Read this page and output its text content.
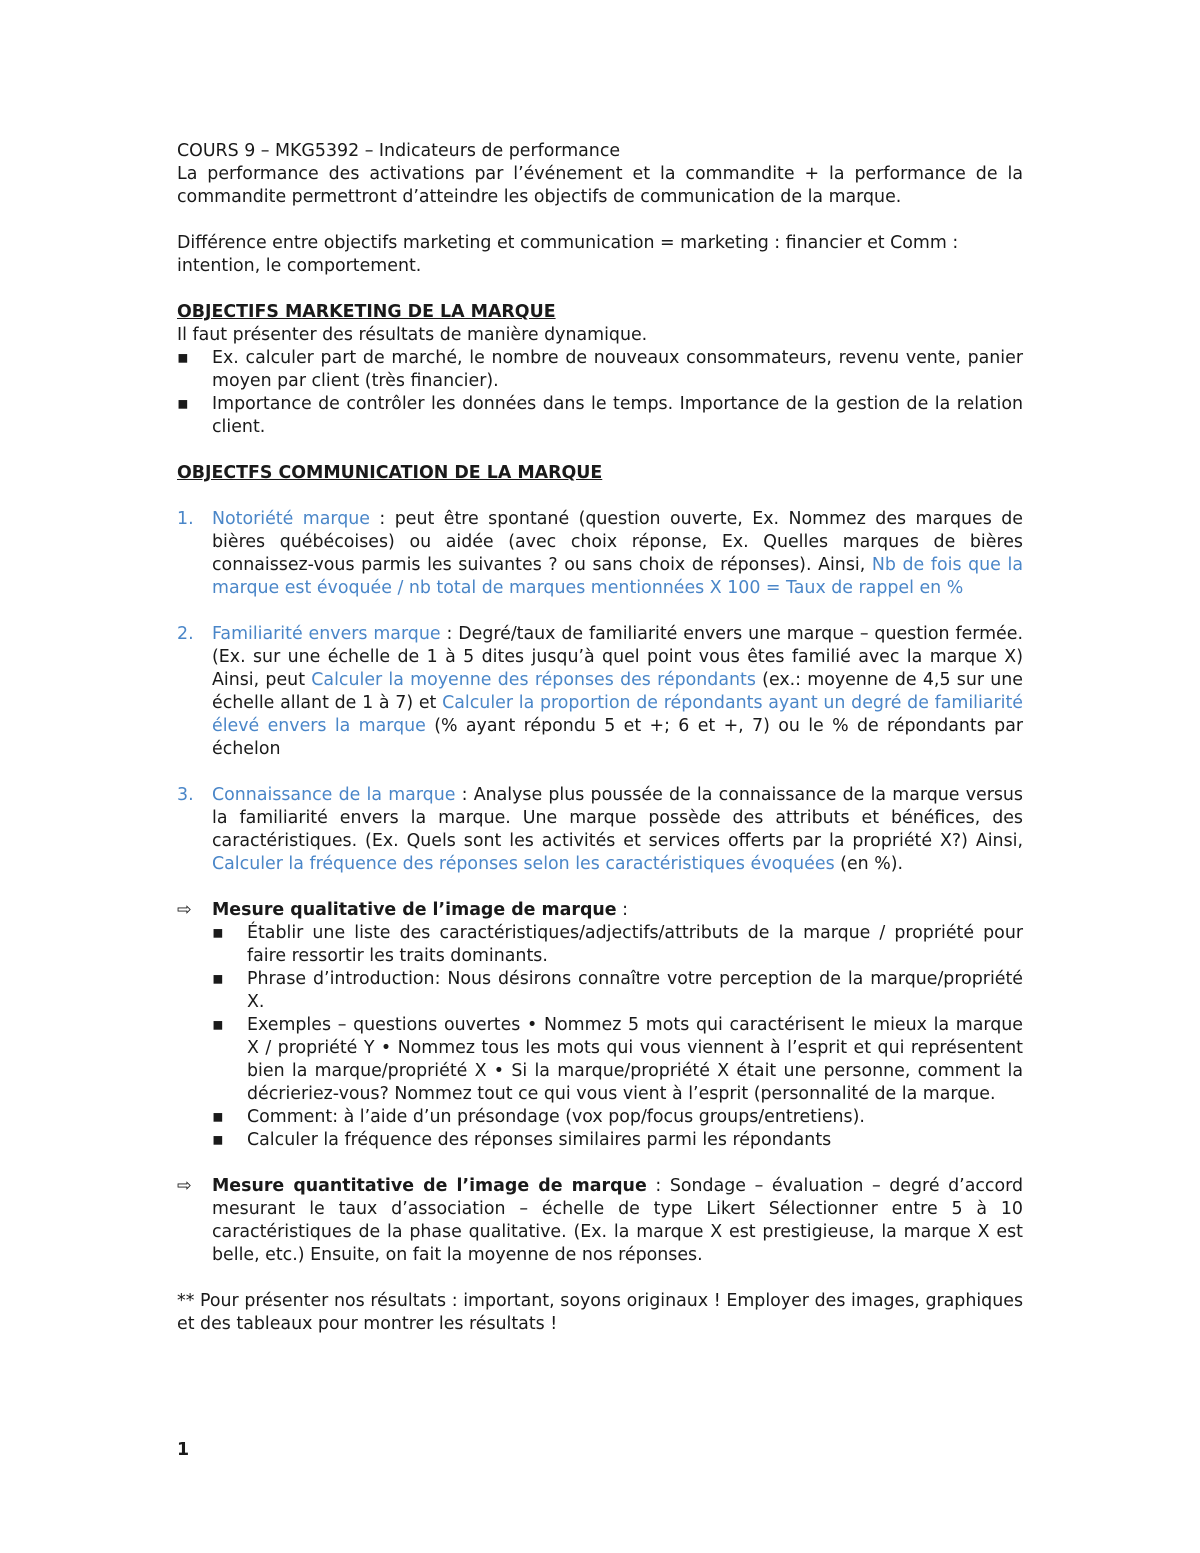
COURS 9 – MKG5392 – Indicateurs de performance

La performance des activations par l’événement et la commandite + la performance de la commandite permettront d’atteindre les objectifs de communication de la marque.

Différence entre objectifs marketing et communication = marketing : financier et Comm : intention, le comportement.

OBJECTIFS MARKETING DE LA MARQUE

Il faut présenter des résultats de manière dynamique.

▪ Ex. calculer part de marché, le nombre de nouveaux consommateurs, revenu vente, panier moyen par client (très financier).

▪ Importance de contrôler les données dans le temps. Importance de la gestion de la relation client.

OBJECTFS COMMUNICATION DE LA MARQUE

1. Notoriété marque : peut être spontané (question ouverte, Ex. Nommez des marques de bières québécoises) ou aidée (avec choix réponse, Ex. Quelles marques de bières connaissez-vous parmis les suivantes ? ou sans choix de réponses). Ainsi, Nb de fois que la marque est évoquée / nb total de marques mentionnées X 100 = Taux de rappel en %

2. Familiarité envers marque : Degré/taux de familiarité envers une marque – question fermée. (Ex. sur une échelle de 1 à 5 dites jusqu’à quel point vous êtes familié avec la marque X) Ainsi, peut Calculer la moyenne des réponses des répondants (ex.: moyenne de 4,5 sur une échelle allant de 1 à 7) et Calculer la proportion de répondants ayant un degré de familiarité élevé envers la marque (% ayant répondu 5 et +; 6 et +, 7) ou le % de répondants par échelon

3. Connaissance de la marque : Analyse plus poussée de la connaissance de la marque versus la familiarité envers la marque. Une marque possède des attributs et bénéfices, des caractéristiques. (Ex. Quels sont les activités et services offerts par la propriété X?) Ainsi, Calculer la fréquence des réponses selon les caractéristiques évoquées (en %).

⇨ Mesure qualitative de l’image de marque :

▪ Établir une liste des caractéristiques/adjectifs/attributs de la marque / propriété pour faire ressortir les traits dominants.

▪ Phrase d’introduction: Nous désirons connaître votre perception de la marque/propriété X.

▪ Exemples – questions ouvertes • Nommez 5 mots qui caractérisent le mieux la marque X / propriété Y • Nommez tous les mots qui vous viennent à l’esprit et qui représentent bien la marque/propriété X • Si la marque/propriété X était une personne, comment la décrieriez-vous? Nommez tout ce qui vous vient à l’esprit (personnalité de la marque.

▪ Comment: à l’aide d’un présondage (vox pop/focus groups/entretiens).

▪ Calculer la fréquence des réponses similaires parmi les répondants

⇨ Mesure quantitative de l’image de marque : Sondage – évaluation – degré d’accord mesurant le taux d’association – échelle de type Likert Sélectionner entre 5 à 10 caractéristiques de la phase qualitative. (Ex. la marque X est prestigieuse, la marque X est belle, etc.) Ensuite, on fait la moyenne de nos réponses.

** Pour présenter nos résultats : important, soyons originaux ! Employer des images, graphiques et des tableaux pour montrer les résultats !

1
